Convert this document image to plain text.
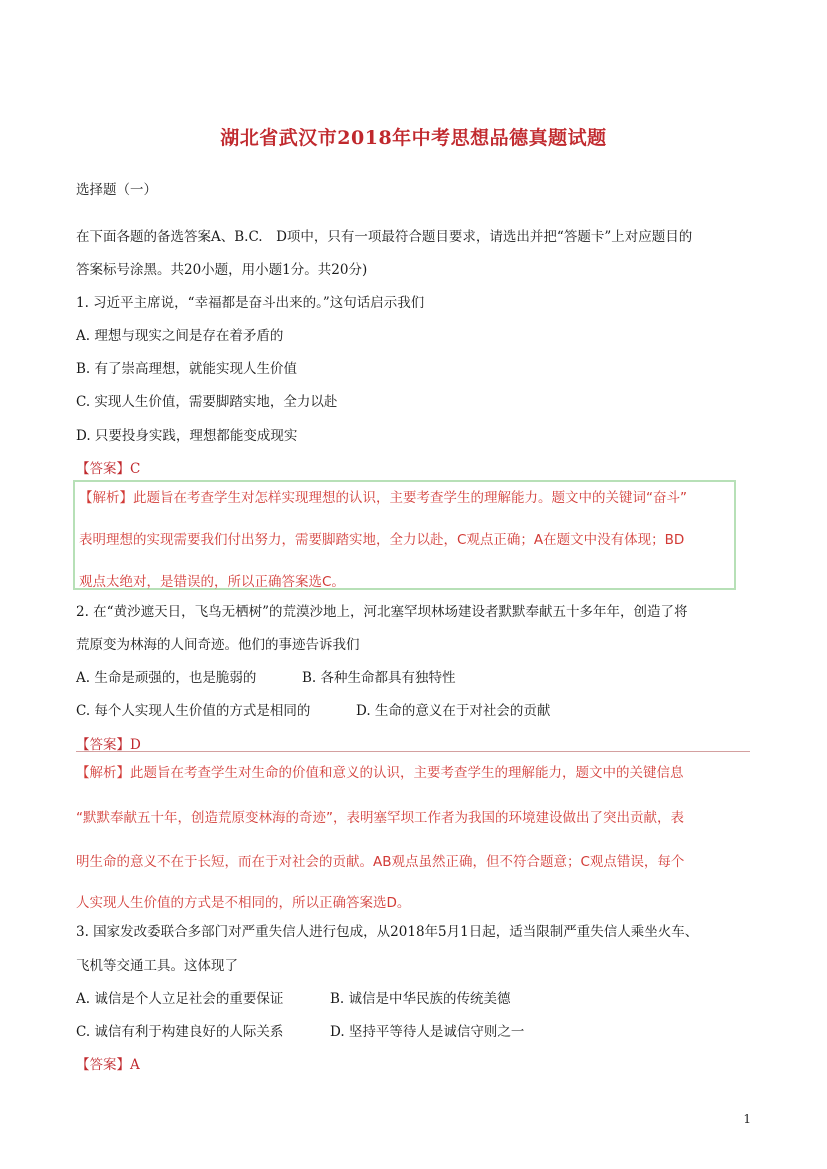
湖北省武汉市2018年中考思想品德真题试题
选择题（一）
在下面各题的备选答案A、B.C.　D项中，只有一项最符合题目要求，请选出并把“答题卡”上对应题目的
答案标号涂黑。共20小题，用小题1分。共20分)
1. 习近平主席说，“幸福都是奋斗出来的。”这句话启示我们
A. 理想与现实之间是存在着矛盾的
B. 有了崇高理想，就能实现人生价值
C. 实现人生价值，需要脚踏实地，全力以赴
D. 只要投身实践，理想都能变成现实
【答案】C
【解析】此题旨在考查学生对怎样实现理想的认识，主要考查学生的理解能力。题文中的关键词“奋斗”
表明理想的实现需要我们付出努力，需要脚踏实地，全力以赴，C观点正确；A在题文中没有体现；BD
观点太绝对，是错误的，所以正确答案选C。
2. 在“黄沙遮天日，飞鸟无栖树”的荒漠沙地上，河北塞罕坝林场建设者默默奉献五十多年年，创造了将
荒原变为林海的人间奇迹。他们的事迹告诉我们
A. 生命是顽强的，也是脆弱的	B. 各种生命都具有独特性
C. 每个人实现人生价值的方式是相同的	D. 生命的意义在于对社会的贡献
【答案】D
【解析】此题旨在考查学生对生命的价值和意义的认识，主要考查学生的理解能力，题文中的关键信息
“默默奉献五十年，创造荒原变林海的奇迹”，表明塞罕坝工作者为我国的环境建设做出了突出贡献，表
明生命的意义不在于长短，而在于对社会的贡献。AB观点虽然正确，但不符合题意；C观点错误，每个
人实现人生价值的方式是不相同的，所以正确答案选D。
3. 国家发改委联合多部门对严重失信人进行包成，从2018年5月1日起，适当限制严重失信人乘坐火车、
飞机等交通工具。这体现了
A. 诚信是个人立足社会的重要保证	B. 诚信是中华民族的传统美德
C. 诚信有利于构建良好的人际关系	D. 坚持平等待人是诚信守则之一
【答案】A
1
